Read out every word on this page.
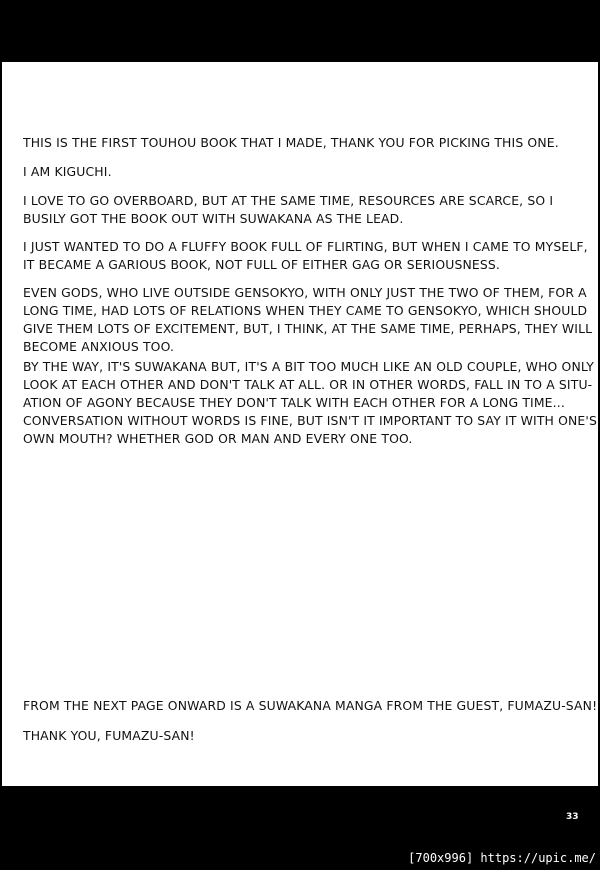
THIS IS THE FIRST TOUHOU BOOK THAT I MADE, THANK YOU FOR PICKING THIS ONE.
I AM KIGUCHI.
I LOVE TO GO OVERBOARD, BUT AT THE SAME TIME, RESOURCES ARE SCARCE, SO I
BUSILY GOT THE BOOK OUT WITH SUWAKANA AS THE LEAD.
I JUST WANTED TO DO A FLUFFY BOOK FULL OF FLIRTING, BUT WHEN I CAME TO MYSELF,
IT BECAME A GARIOUS BOOK, NOT FULL OF EITHER GAG OR SERIOUSNESS.
EVEN GODS, WHO LIVE OUTSIDE GENSOKYO, WITH ONLY JUST THE TWO OF THEM, FOR A
LONG TIME, HAD LOTS OF RELATIONS WHEN THEY CAME TO GENSOKYO, WHICH SHOULD
GIVE THEM LOTS OF EXCITEMENT, BUT, I THINK, AT THE SAME TIME, PERHAPS, THEY WILL
BECOME ANXIOUS TOO.
BY THE WAY, IT'S SUWAKANA BUT, IT'S A BIT TOO MUCH LIKE AN OLD COUPLE, WHO ONLY
LOOK AT EACH OTHER AND DON'T TALK AT ALL. OR IN OTHER WORDS, FALL IN TO A SITU-
ATION OF AGONY BECAUSE THEY DON'T TALK WITH EACH OTHER FOR A LONG TIME...
CONVERSATION WITHOUT WORDS IS FINE, BUT ISN'T IT IMPORTANT TO SAY IT WITH ONE'S
OWN MOUTH? WHETHER GOD OR MAN AND EVERY ONE TOO.
FROM THE NEXT PAGE ONWARD IS A SUWAKANA MANGA FROM THE GUEST, FUMAZU-SAN!
THANK YOU, FUMAZU-SAN!
33
[700x996] https://upic.me/
